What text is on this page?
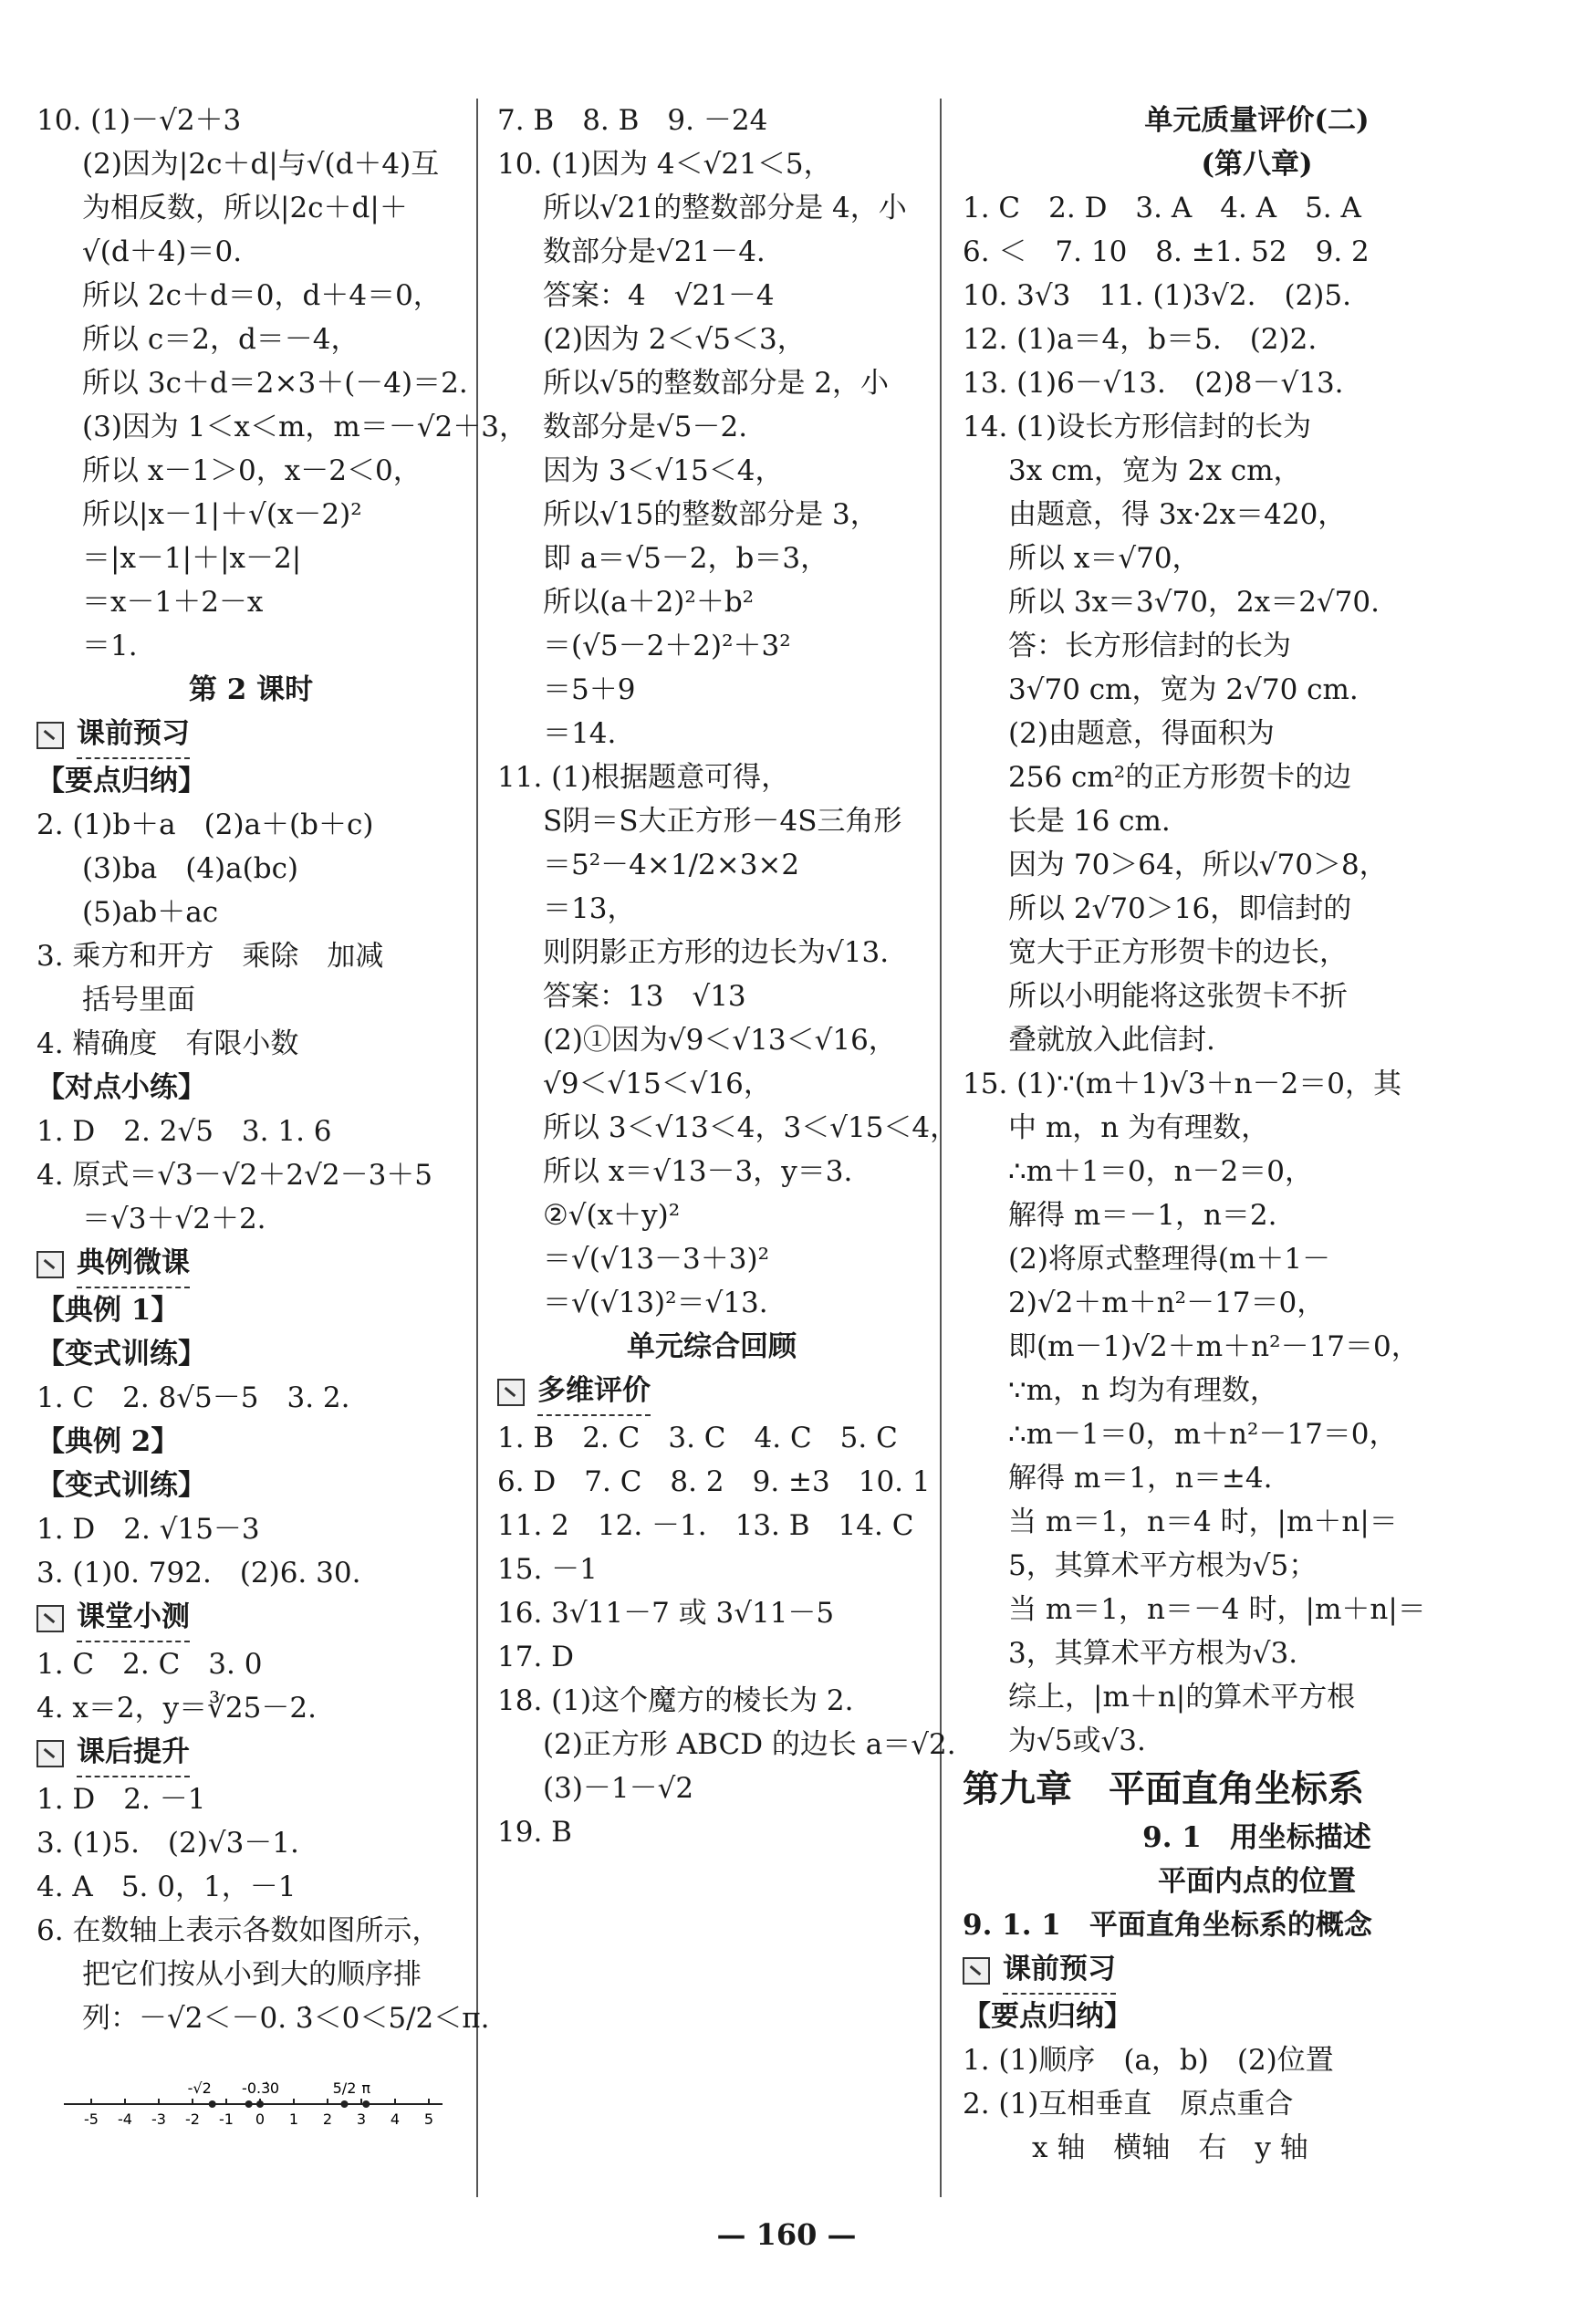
10. (1)－√2＋3
(2)因为|2c＋d|与√(d＋4)互
为相反数，所以|2c＋d|＋
√(d＋4)＝0.
所以 2c＋d＝0，d＋4＝0，
所以 c＝2，d＝－4，
所以 3c＋d＝2×3＋(－4)＝2.
(3)因为 1＜x＜m，m＝－√2＋3，
所以 x－1＞0，x－2＜0，
所以|x－1|＋√(x－2)²
＝|x－1|＋|x－2|
＝x－1＋2－x
＝1.
第 2 课时
课前预习
【要点归纳】
2. (1)b＋a　(2)a＋(b＋c)
(3)ba　(4)a(bc)
(5)ab＋ac
3. 乘方和开方　乘除　加减
括号里面
4. 精确度　有限小数
【对点小练】
1. D　2. 2√5　3. 1. 6
4. 原式＝√3－√2＋2√2－3＋5
＝√3＋√2＋2.
典例微课
【典例 1】
【变式训练】
1. C　2. 8√5－5　3. 2.
【典例 2】
【变式训练】
1. D　2. √15－3
3. (1)0. 792.　(2)6. 30.
课堂小测
1. C　2. C　3. 0
4. x＝2，y＝∛25－2.
课后提升
1. D　2. －1
3. (1)5.　(2)√3－1.
4. A　5. 0，1，－1
6. 在数轴上表示各数如图所示，
把它们按从小到大的顺序排
列：－√2＜－0. 3̇＜0＜5/2＜π.
-5 -4 -3 -2 -1 0 1 2 3 4 5
-√2 -0.3̇ 0	5/2 π
7. B　8. B　9. －24
10. (1)因为 4＜√21＜5，
所以√21的整数部分是 4，小
数部分是√21－4.
答案：4　√21－4
(2)因为 2＜√5＜3，
所以√5的整数部分是 2，小
数部分是√5－2.
因为 3＜√15＜4，
所以√15的整数部分是 3，
即 a＝√5－2，b＝3，
所以(a＋2)²＋b²
＝(√5－2＋2)²＋3²
＝5＋9
＝14.
11. (1)根据题意可得，
S阴＝S大正方形－4S三角形
＝5²－4×1/2×3×2
＝13，
则阴影正方形的边长为√13.
答案：13　√13
(2)①因为√9＜√13＜√16，
√9＜√15＜√16，
所以 3＜√13＜4，3＜√15＜4，
所以 x＝√13－3，y＝3.
②√(x＋y)²
＝√(√13－3＋3)²
＝√(√13)²＝√13.
单元综合回顾
多维评价
1. B　2. C　3. C　4. C　5. C
6. D　7. C　8. 2　9. ±3　10. 1
11. 2　12. －1.　13. B　14. C
15. －1
16. 3√11－7 或 3√11－5
17. D
18. (1)这个魔方的棱长为 2.
(2)正方形 ABCD 的边长 a＝√2.
(3)－1－√2
19. B
单元质量评价(二)
(第八章)
1. C　2. D　3. A　4. A　5. A
6. ＜　7. 10　8. ±1. 52　9. 2
10. 3√3　11. (1)3√2.　(2)5.
12. (1)a＝4，b＝5.　(2)2.
13. (1)6－√13.　(2)8－√13.
14. (1)设长方形信封的长为
3x cm，宽为 2x cm，
由题意，得 3x·2x＝420，
所以 x＝√70，
所以 3x＝3√70，2x＝2√70.
答：长方形信封的长为
3√70 cm，宽为 2√70 cm.
(2)由题意，得面积为
256 cm²的正方形贺卡的边
长是 16 cm.
因为 70＞64，所以√70＞8，
所以 2√70＞16，即信封的
宽大于正方形贺卡的边长，
所以小明能将这张贺卡不折
叠就放入此信封.
15. (1)∵(m＋1)√3＋n－2＝0，其
中 m，n 为有理数，
∴m＋1＝0，n－2＝0，
解得 m＝－1，n＝2.
(2)将原式整理得(m＋1－
2)√2＋m＋n²－17＝0，
即(m－1)√2＋m＋n²－17＝0，
∵m，n 均为有理数，
∴m－1＝0，m＋n²－17＝0，
解得 m＝1，n＝±4.
当 m＝1，n＝4 时，|m＋n|＝
5，其算术平方根为√5；
当 m＝1，n＝－4 时，|m＋n|＝
3，其算术平方根为√3.
综上，|m＋n|的算术平方根
为√5或√3.
第九章　平面直角坐标系
9. 1　用坐标描述
平面内点的位置
9. 1. 1　平面直角坐标系的概念
课前预习
【要点归纳】
1. (1)顺序　(a，b)　(2)位置
2. (1)互相垂直　原点重合
x 轴　横轴　右　y 轴
— 160 —
